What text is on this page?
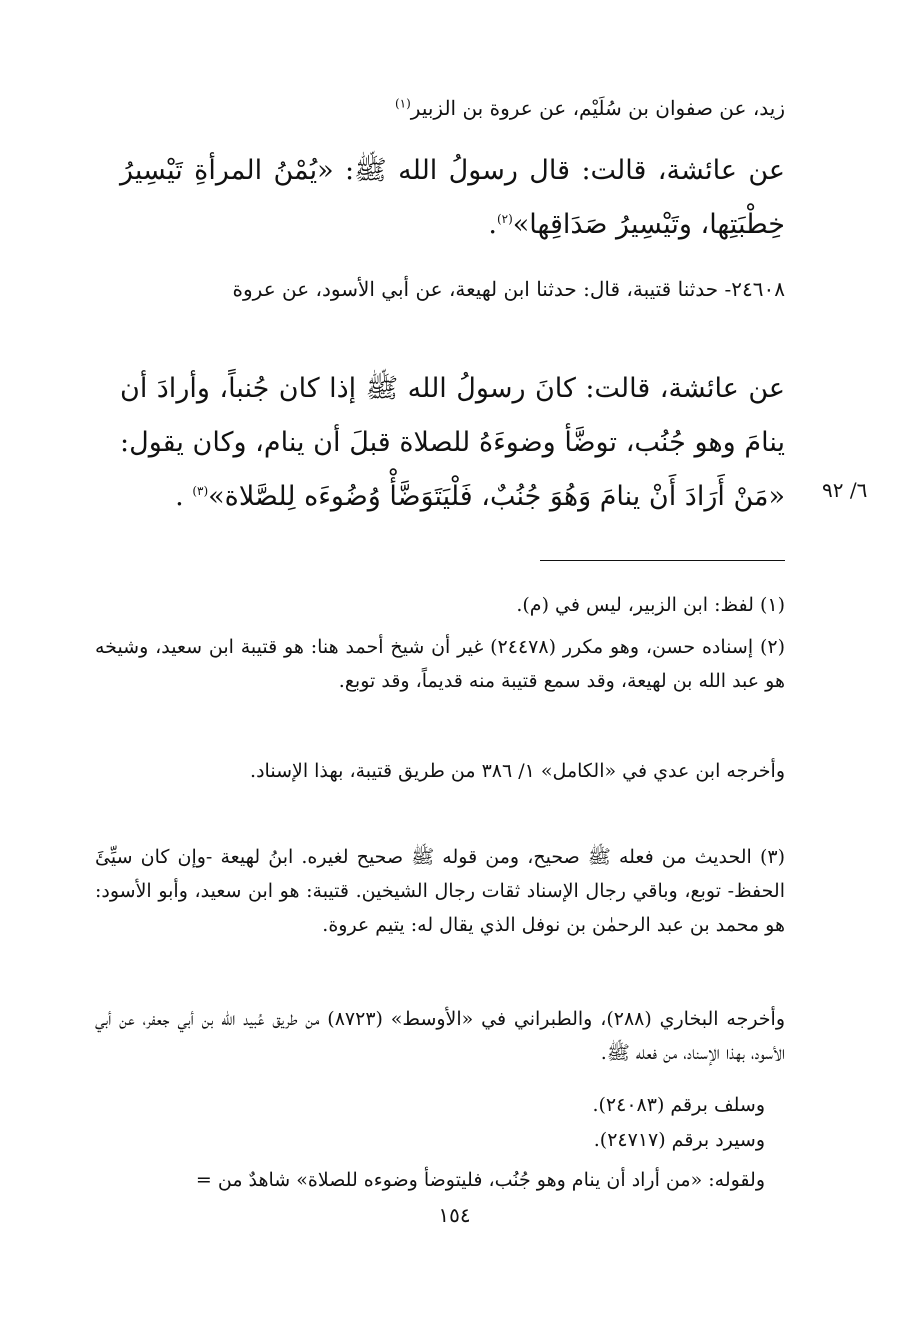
زيد، عن صفوان بن سُلَيْم، عن عروة بن الزبير$^{(١)}$

عن عائشة، قالت: قال رسولُ الله ﷺ: «يُمْنُ المرأةِ تَيْسِيرُ خِطْبَتِها، وتَيْسِيرُ صَدَاقِها»$^{(٢)}$.

٢٤٦٠٨- حدثنا قتيبة، قال: حدثنا ابن لهيعة، عن أبي الأسود، عن عروة

عن عائشة، قالت: كانَ رسولُ الله ﷺ إذا كان جُنباً، وأرادَ أن ينامَ وهو جُنُب، توضَّأ وضوءَهُ للصلاة قبلَ أن ينام، وكان يقول: «مَنْ أَرَادَ أَنْ ينامَ وَهُوَ جُنُبٌ، فَلْيَتَوَضَّأْ وُضُوءَه لِلصَّلاة»$^{(٣)}$ .	٦/ ٩٢

(١) لفظ: ابن الزبير، ليس في (م).

(٢) إسناده حسن، وهو مكرر (٢٤٤٧٨) غير أن شيخ أحمد هنا: هو قتيبة ابن سعيد، وشيخه هو عبد الله بن لهيعة، وقد سمع قتيبة منه قديماً، وقد توبع.

وأخرجه ابن عدي في «الكامل» ١/ ٣٨٦ من طريق قتيبة، بهذا الإسناد.

(٣) الحديث من فعله ﷺ صحيح، ومن قوله ﷺ صحيح لغيره. ابنُ لهيعة -وإن كان سيِّئَ الحفظ- توبع، وباقي رجال الإسناد ثقات رجال الشيخين. قتيبة: هو ابن سعيد، وأبو الأسود: هو محمد بن عبد الرحمٰن بن نوفل الذي يقال له: يتيم عروة.

وأخرجه البخاري (٢٨٨)، والطبراني في «الأوسط» (٨٧٢٣) من طريق عُبيد الله بن أبي جعفر، عن أبي الأسود، بهذا الإسناد، من فعله ﷺ.

وسلف برقم (٢٤٠٨٣).

وسيرد برقم (٢٤٧١٧).

ولقوله: «من أراد أن ينام وهو جُنُب، فليتوضأ وضوءه للصلاة» شاهدٌ من =

١٥٤
